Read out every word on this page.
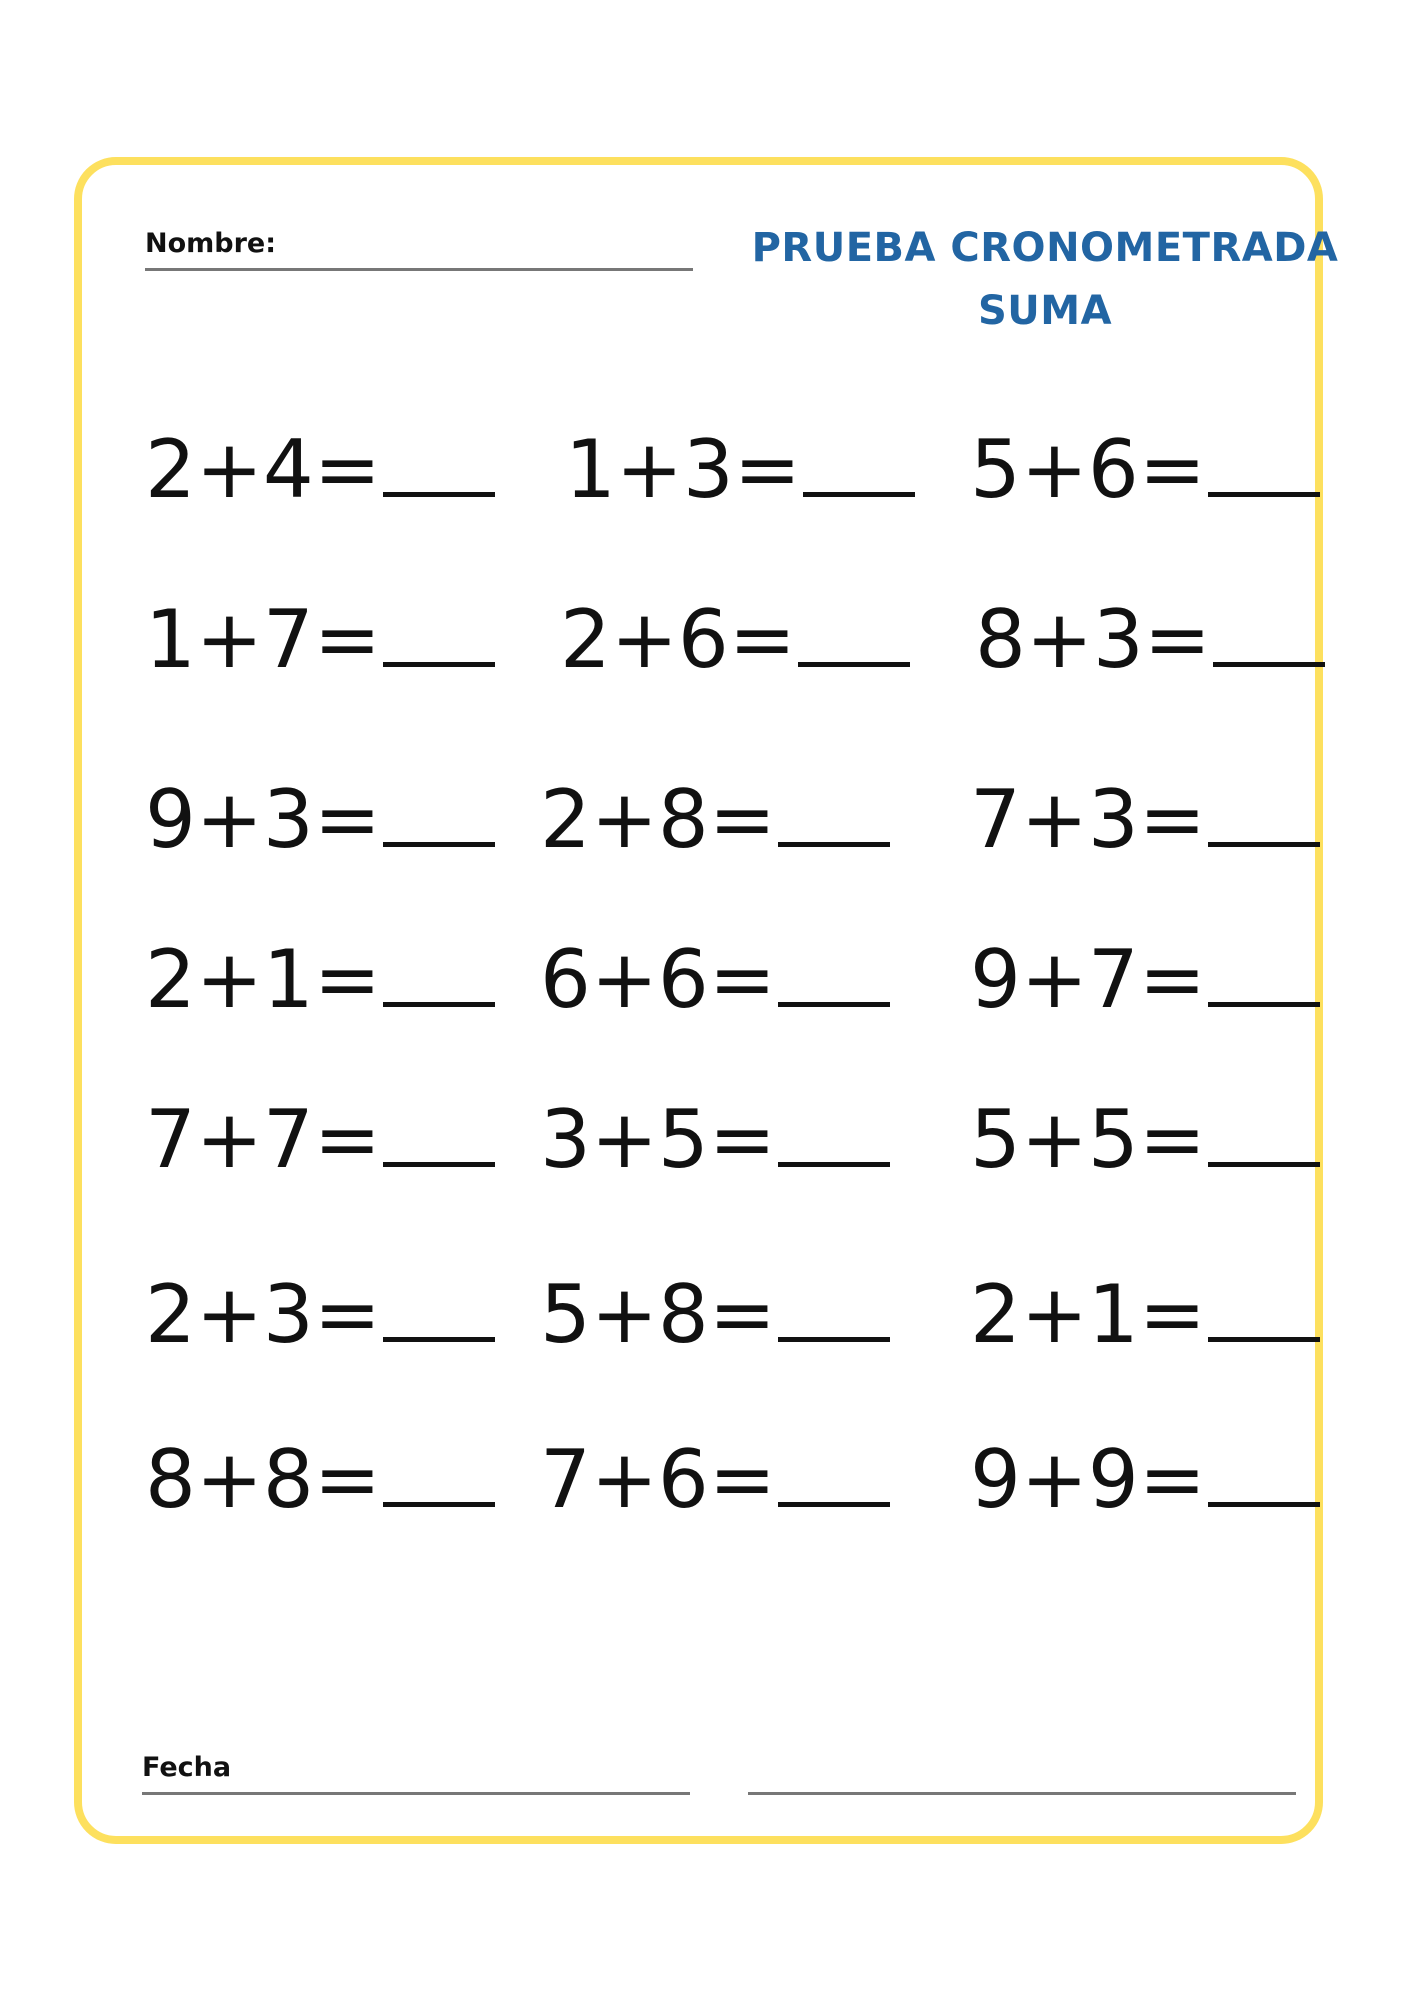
Nombre:	PRUEBA CRONOMETRADA
SUMA
2+4=	1+3=	5+6=
1+7=	2+6=	8+3=
9+3=	2+8=	7+3=
2+1=	6+6=	9+7=
7+7=	3+5=	5+5=
2+3=	5+8=	2+1=
8+8=	7+6=	9+9=
Fecha
